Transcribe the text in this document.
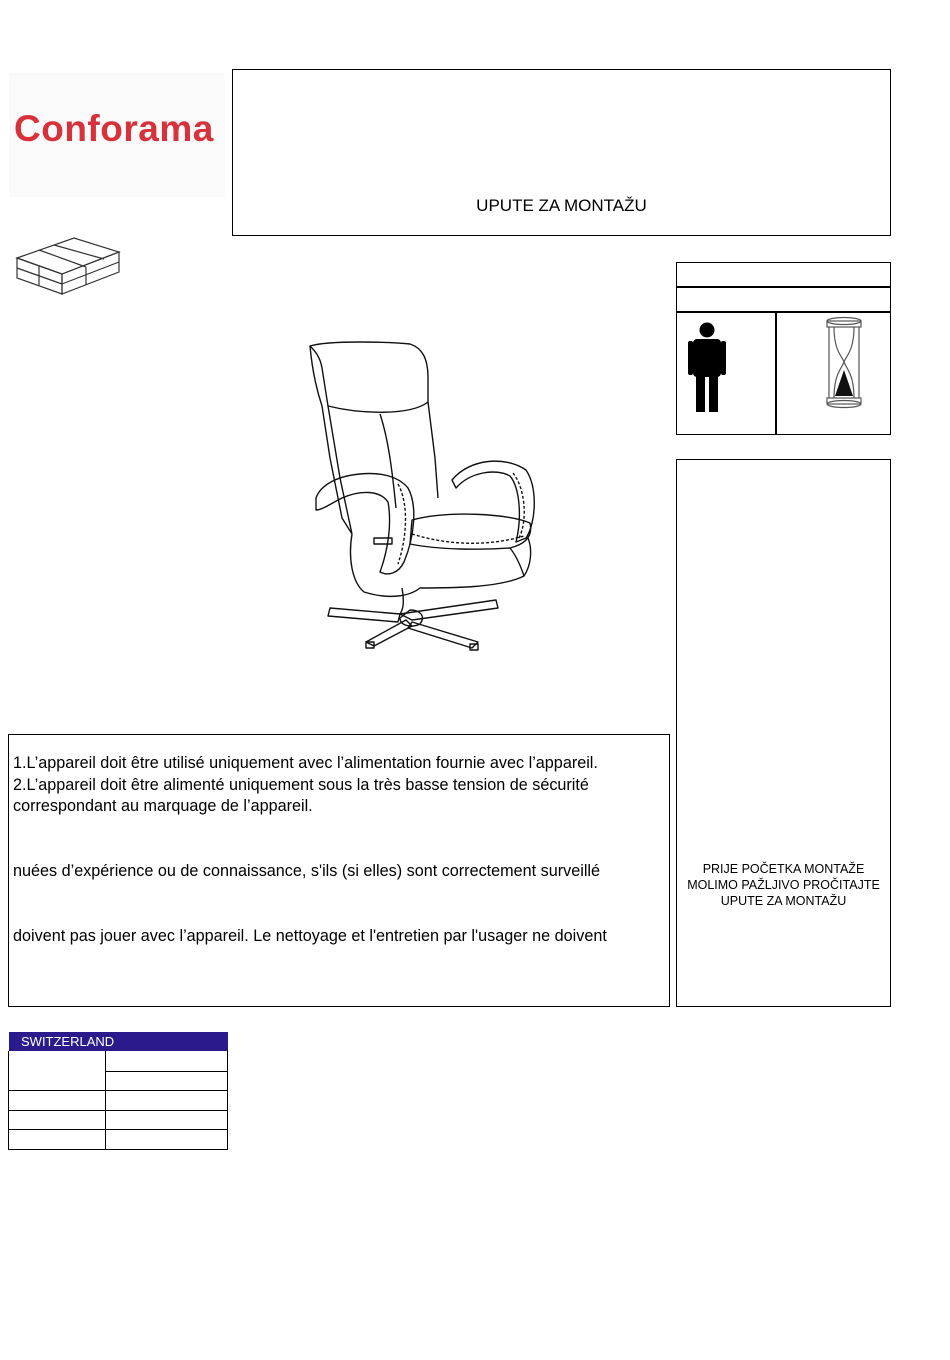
Conforama
UPUTE ZA MONTAŽU
1.L’appareil doit être utilisé uniquement avec l’alimentation fournie avec l’appareil.
2.L’appareil doit être alimenté uniquement sous la très basse tension de sécurité
correspondant au marquage de l’appareil.
nuées d’expérience ou de connaissance, s'ils (si elles) sont correctement surveillé
doivent pas jouer avec l’appareil. Le nettoyage et l'entretien par l'usager ne doivent
PRIJE POČETKA MONTAŽE
MOLIMO PAŽLJIVO PROČITAJTE
UPUTE ZA MONTAŽU
SWITZERLAND
